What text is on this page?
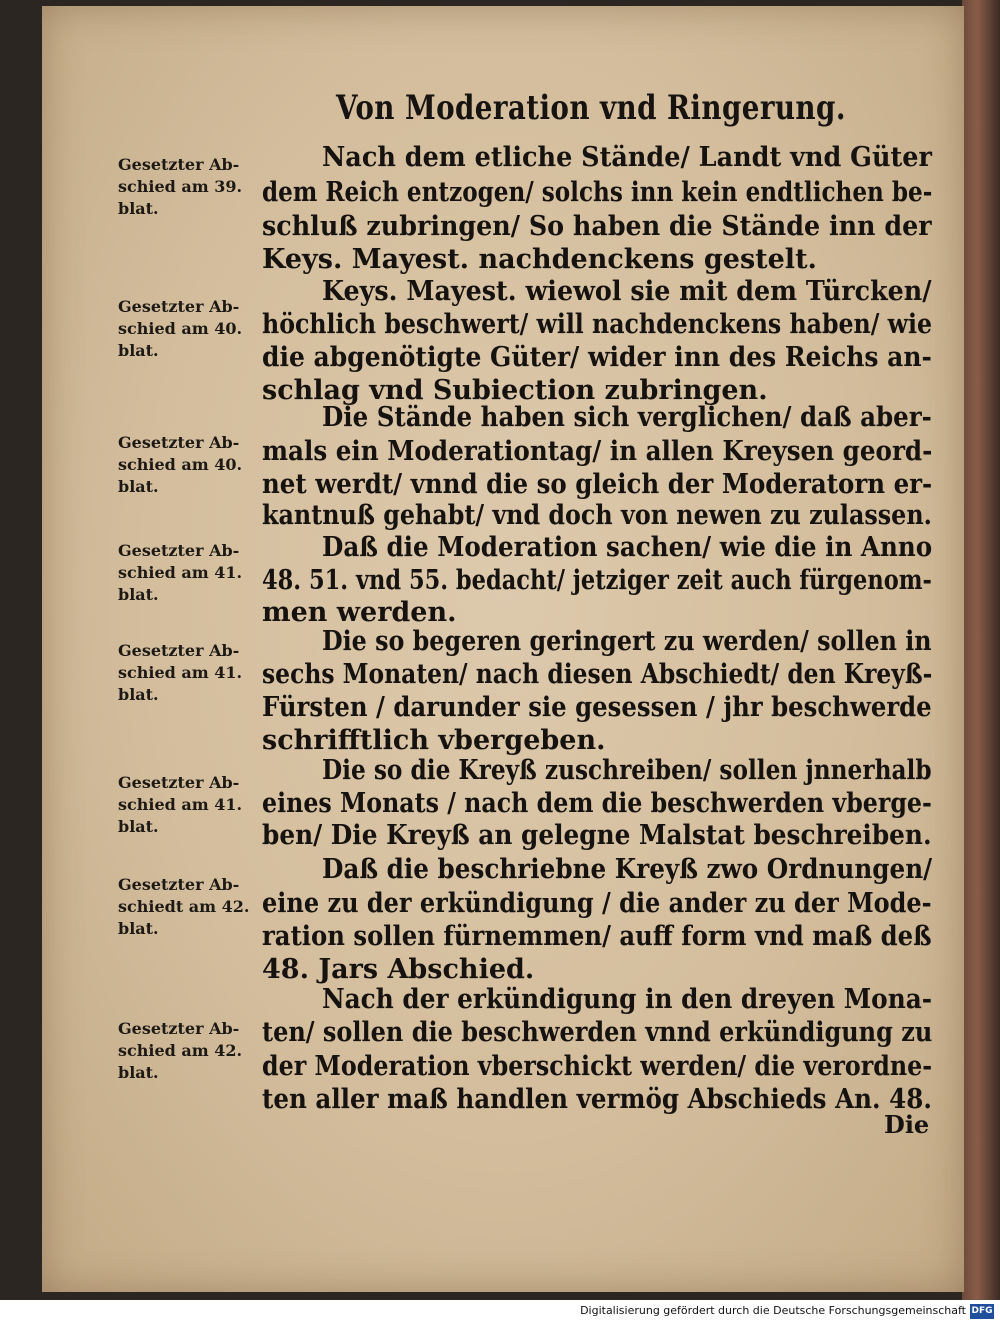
Von Moderation vnd Ringerung.
Gesetzter Ab-
schied am 39.
blat.
Gesetzter Ab-
schied am 40.
blat.
Gesetzter Ab-
schied am 40.
blat.
Gesetzter Ab-
schied am 41.
blat.
Gesetzter Ab-
schied am 41.
blat.
Gesetzter Ab-
schied am 41.
blat.
Gesetzter Ab-
schiedt am 42.
blat.
Gesetzter Ab-
schied am 42.
blat.
Nach dem etliche Stände/ Landt vnd Güter
dem Reich entzogen/ solchs inn kein endtlichen be-
schluß zubringen/ So haben die Stände inn der
Keys. Mayest. nachdenckens gestelt.
Keys. Mayest. wiewol sie mit dem Türcken/
höchlich beschwert/ will nachdenckens haben/ wie
die abgenötigte Güter/ wider inn des Reichs an-
schlag vnd Subiection zubringen.
Die Stände haben sich verglichen/ daß aber-
mals ein Moderationtag/ in allen Kreysen geord-
net werdt/ vnnd die so gleich der Moderatorn er-
kantnuß gehabt/ vnd doch von newen zu zulassen.
Daß die Moderation sachen/ wie die in Anno
48. 51. vnd 55. bedacht/ jetziger zeit auch fürgenom-
men werden.
Die so begeren geringert zu werden/ sollen in
sechs Monaten/ nach diesen Abschiedt/ den Kreyß-
Fürsten / darunder sie gesessen / jhr beschwerde
schrifftlich vbergeben.
Die so die Kreyß zuschreiben/ sollen jnnerhalb
eines Monats / nach dem die beschwerden vberge-
ben/ Die Kreyß an gelegne Malstat beschreiben.
Daß die beschriebne Kreyß zwo Ordnungen/
eine zu der erkündigung / die ander zu der Mode-
ration sollen fürnemmen/ auff form vnd maß deß
48. Jars Abschied.
Nach der erkündigung in den dreyen Mona-
ten/ sollen die beschwerden vnnd erkündigung zu
der Moderation vberschickt werden/ die verordne-
ten aller maß handlen vermög Abschieds An. 48.
Die
Digitalisierung gefördert durch die Deutsche Forschungsgemeinschaft DFG
